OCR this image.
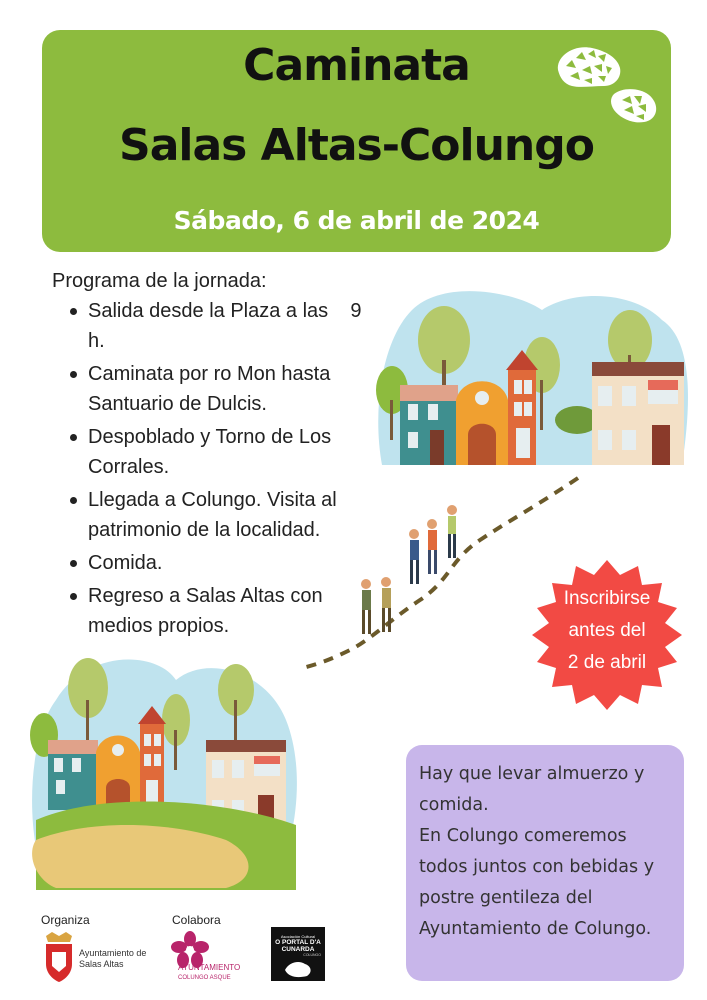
Caminata
Salas Altas-Colungo
Sábado, 6 de abril de 2024
Programa de la jornada:
Salida desde la Plaza a las    9 h.
Caminata por ro Mon hasta Santuario de Dulcis.
Despoblado y Torno de Los Corrales.
Llegada a Colungo. Visita al patrimonio de la localidad.
Comida.
Regreso a Salas Altas con medios propios.
Inscribirse
antes del
2 de abril
Hay que levar almuerzo y comida.
En Colungo comeremos todos juntos con bebidas y postre gentileza del Ayuntamiento de Colungo.
Organiza	Colabora
Ayuntamiento de
Salas Altas	AYUNTAMIENTO
COLUNGO ASQUE
Asociación Cultural
O PORTAL D'A CUNARDA
COLUNGO
